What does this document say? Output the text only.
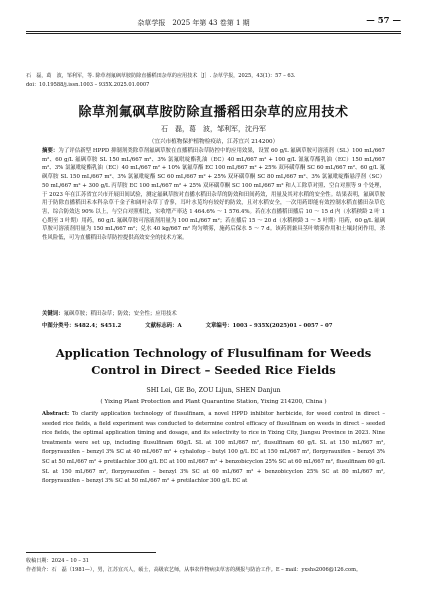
杂草学报　2025 年第 43 卷第 1 期	— 57 —
石　磊，葛　波，邹利军，等. 除草剂氟砜草胺防除直播稻田杂草的应用技术［J］. 杂草学报，2025，43(1)：57 – 63.
doi：10.19588/j.issn.1003 – 935X.2025.01.0007
除草剂氟砜草胺防除直播稻田杂草的应用技术
石　磊，葛　波，邹利军，沈丹军
（宜兴市植物保护植物检疫站，江苏宜兴 214200）
摘要：为了评估新型 HPPD 抑制剂类除草剂氟砜草胺在直播稻田杂草防控中的应用效果，设置 60 g/L 氟砜草胺可溶液剂（SL）100 mL/667 m²、60 g/L 氟砜草胺 SL 150 mL/667 m²、3% 氯氟吡啶酯乳油（EC）40 mL/667 m² + 100 g/L 氰氟草酯乳油（EC）150 mL/667 m²、3% 氯氟吡啶酯乳油（EC）40 mL/667 m² + 10% 氰氟草酯 EC 100 mL/667 m² + 25% 双环磺草酮 SC 60 mL/667 m²、60 g/L 氟砜草胺 SL 150 mL/667 m²、3% 氯氟吡啶酯 SC 60 mL/667 m² + 25% 双环磺草酮 SC 80 mL/667 m²、3% 氯氟吡啶酯悬浮剂（SC）50 mL/667 m² + 300 g/L 丙草胺 EC 100 mL/667 m² + 25% 双环磺草酮 SC 100 mL/667 m² 和人工除草对照、空白对照等 9 个处理，于 2023 年在江苏省宜兴市开展田间试验，测定氟砜草胺对直播水稻田杂草的防效和田间药效，用量及其对水稻的安全性。结果表明，氟砜草胺用于防除直播稻田禾本科杂草千金子和阔叶杂草丁香蓼，耳叶水苋均有较好的防效，且对水稻安全，一次用药即能有效控制水稻直播田杂草危害，综合防效达 90% 以上，与空白对照相比，实收增产率达 1 464.6% ～ 1 576.4%。若在水直播稻田播后 10 ～ 15 d 内（水稻秧龄 2 叶 1 心期至 3 叶期）用药，60 g/L 氟砜草胺可溶液剂用量为 100 mL/667 m²；若在播后 15 ～ 20 d（水稻秧龄 3 ～ 5 叶期）用药，60 g/L 氟砜草胺可溶液剂用量为 150 mL/667 m²；兑水 40 kg/667 m² 均匀喷雾，施药后保水 5 ～ 7 d。该药剂兼具茎叶喷雾作用和土壤封闭作用，杀性风险低，可为直播稻田杂草防控提供高效安全的技术方案。
关键词：氟砜草胺；稻田杂草；防效；安全性；应用技术
中图分类号：S482.4；S451.2	文献标志码：A	文章编号：1003 – 935X(2025)01 – 0057 – 07
Application Technology of Flusulfinam for Weeds
Control in Direct – Seeded Rice Fields
SHI Lei, GE Bo, ZOU Lijun, SHEN Danjun
( Yixing Plant Protection and Plant Quarantine Station, Yixing 214200, China )
Abstract: To clarify application technology of flusulfinam, a novel HPPD inhibitor herbicide, for weed control in direct – seeded rice fields, a field experiment was conducted to determine control efficacy of flusulfinam on weeds in direct – seeded rice fields, the optimal application timing and dosage, and its selectivity to rice in Yixing City, Jiangsu Province in 2023. Nine treatments were set up, including flusulfinam 60g/L SL at 100 mL/667 m², flusulfinam 60 g/L SL at 150 mL/667 m², florpyrauxifen – benzyl 3% SC at 40 mL/667 m² + cyhalofop – butyl 100 g/L EC at 150 mL/667 m², florpyrauxifen – benzyl 3% SC at 50 mL/667 m² + pretilachlor 300 g/L EC at 100 mL/667 m² + benzobicyclon 25% SC at 60 mL/667 m², flusulfinam 60 g/L SL at 150 mL/667 m², florpyrauxifen – benzyl 3% SC at 60 mL/667 m² + benzobicyclon 25% SC at 80 mL/667 m², florpyrauxifen – benzyl 3% SC at 50 mL/667 m² + pretilachlor 300 g/L EC at
收稿日期：2024 – 10 – 31
作者简介：石　磊（1981—），男，江苏宜兴人，硕士，高级农艺师，从事农作物病虫草害的测报与防治工作。E – mail：yxshs2006@126.com。
